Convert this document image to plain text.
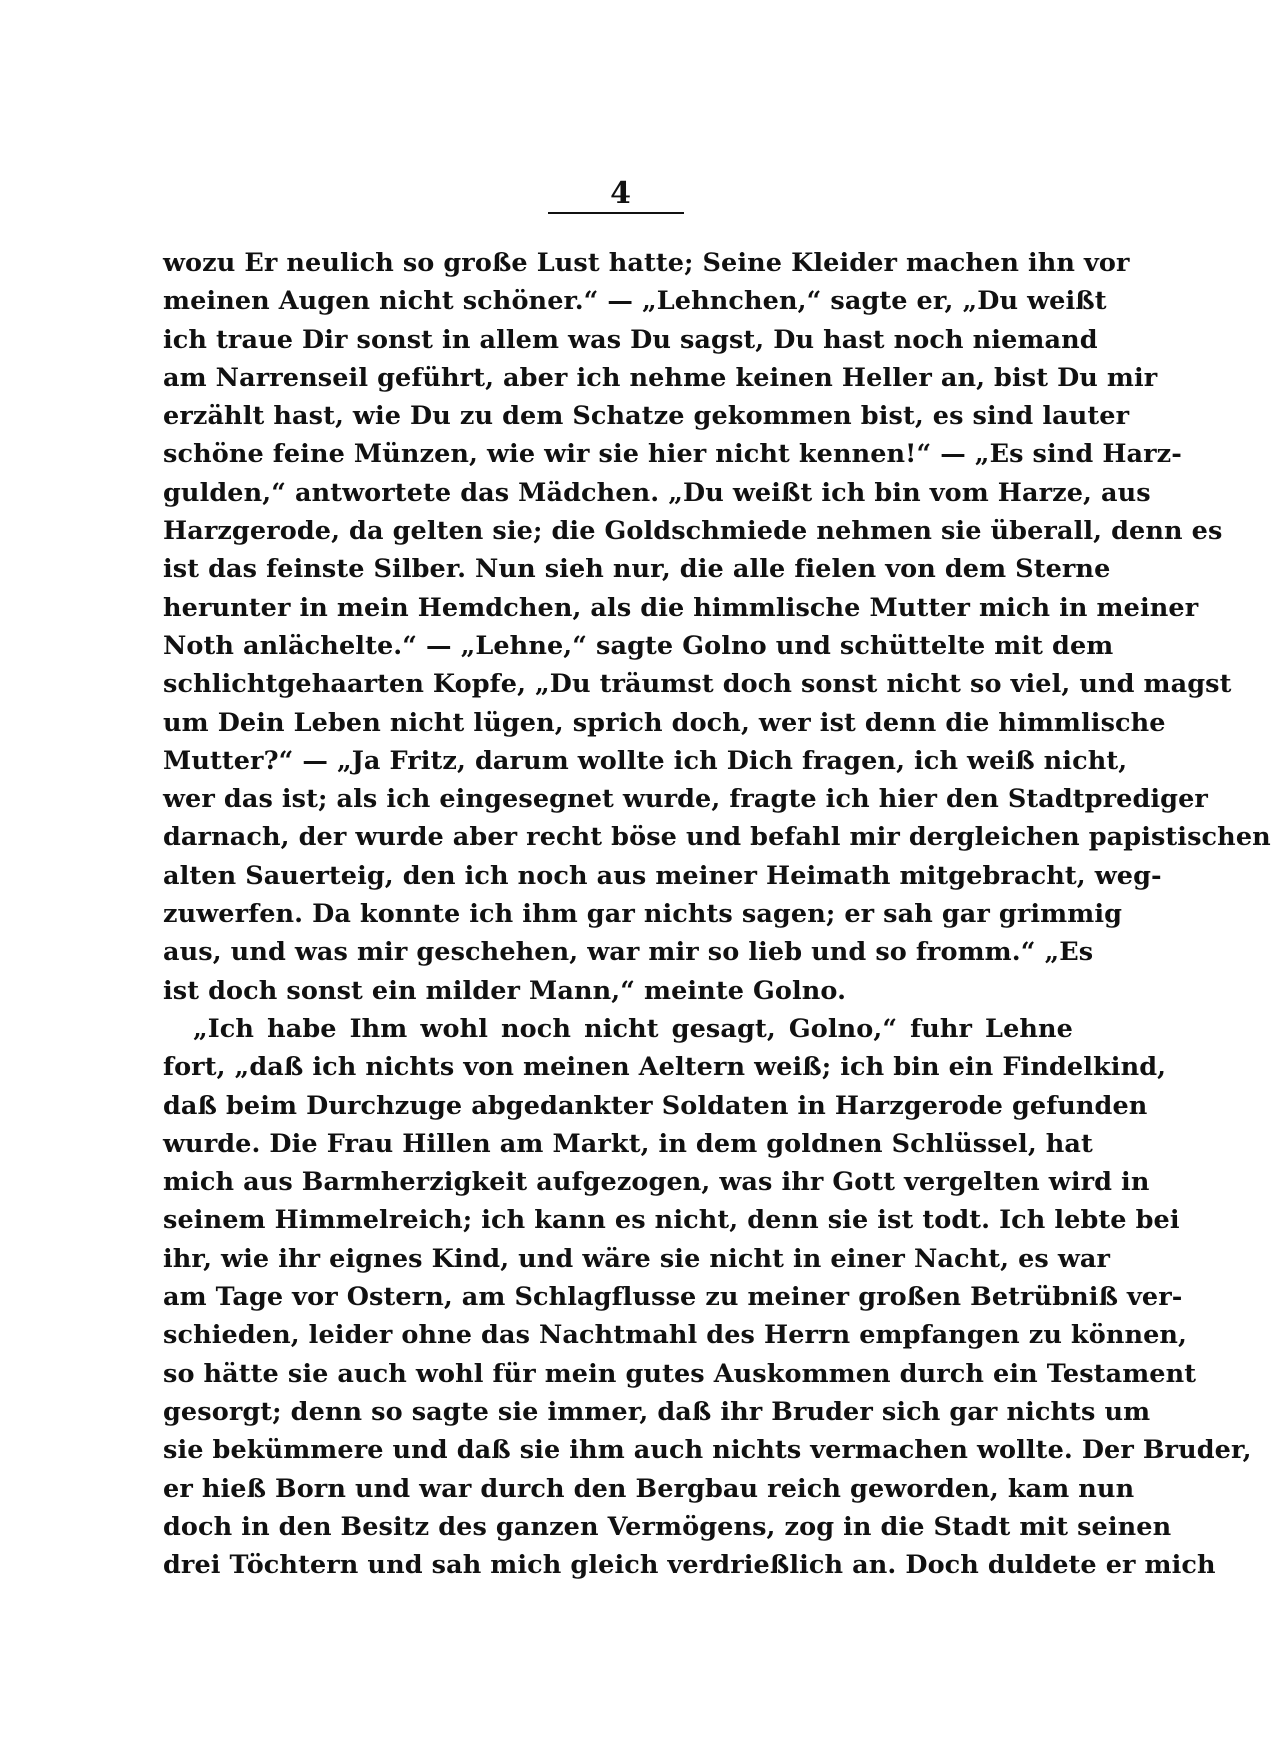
4
wozu Er neulich so große Lust hatte; Seine Kleider machen ihn vor
meinen Augen nicht schöner.“ — „Lehnchen,“ sagte er, „Du weißt
ich traue Dir sonst in allem was Du sagst, Du hast noch niemand
am Narrenseil geführt, aber ich nehme keinen Heller an, bist Du mir
erzählt hast, wie Du zu dem Schatze gekommen bist, es sind lauter
schöne feine Münzen, wie wir sie hier nicht kennen!“ — „Es sind Harz-
gulden,“ antwortete das Mädchen. „Du weißt ich bin vom Harze, aus
Harzgerode, da gelten sie; die Goldschmiede nehmen sie überall, denn es
ist das feinste Silber. Nun sieh nur, die alle fielen von dem Sterne
herunter in mein Hemdchen, als die himmlische Mutter mich in meiner
Noth anlächelte.“ — „Lehne,“ sagte Golno und schüttelte mit dem
schlichtgehaarten Kopfe, „Du träumst doch sonst nicht so viel, und magst
um Dein Leben nicht lügen, sprich doch, wer ist denn die himmlische
Mutter?“ — „Ja Fritz, darum wollte ich Dich fragen, ich weiß nicht,
wer das ist; als ich eingesegnet wurde, fragte ich hier den Stadtprediger
darnach, der wurde aber recht böse und befahl mir dergleichen papistischen
alten Sauerteig, den ich noch aus meiner Heimath mitgebracht, weg-
zuwerfen. Da konnte ich ihm gar nichts sagen; er sah gar grimmig
aus, und was mir geschehen, war mir so lieb und so fromm.“ „Es
ist doch sonst ein milder Mann,“ meinte Golno.
„Ich habe Ihm wohl noch nicht gesagt, Golno,“ fuhr Lehne
fort, „daß ich nichts von meinen Aeltern weiß; ich bin ein Findelkind,
daß beim Durchzuge abgedankter Soldaten in Harzgerode gefunden
wurde. Die Frau Hillen am Markt, in dem goldnen Schlüssel, hat
mich aus Barmherzigkeit aufgezogen, was ihr Gott vergelten wird in
seinem Himmelreich; ich kann es nicht, denn sie ist todt. Ich lebte bei
ihr, wie ihr eignes Kind, und wäre sie nicht in einer Nacht, es war
am Tage vor Ostern, am Schlagflusse zu meiner großen Betrübniß ver-
schieden, leider ohne das Nachtmahl des Herrn empfangen zu können,
so hätte sie auch wohl für mein gutes Auskommen durch ein Testament
gesorgt; denn so sagte sie immer, daß ihr Bruder sich gar nichts um
sie bekümmere und daß sie ihm auch nichts vermachen wollte. Der Bruder,
er hieß Born und war durch den Bergbau reich geworden, kam nun
doch in den Besitz des ganzen Vermögens, zog in die Stadt mit seinen
drei Töchtern und sah mich gleich verdrießlich an. Doch duldete er mich
